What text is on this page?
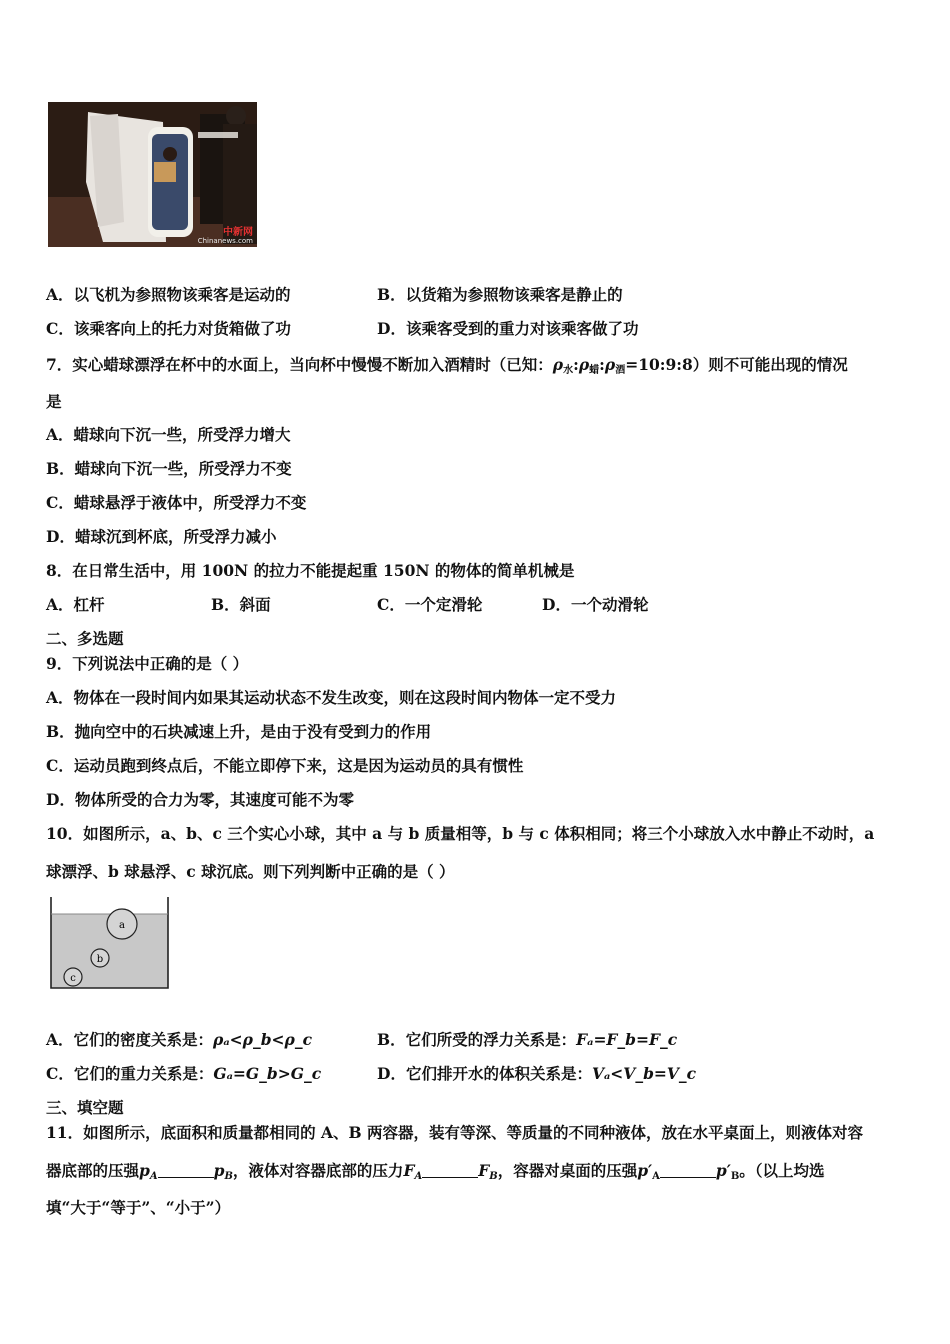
中新网
Chinanews.com
A．以飞机为参照物该乘客是运动的	B．以货箱为参照物该乘客是静止的
C．该乘客向上的托力对货箱做了功	D．该乘客受到的重力对该乘客做了功
7．实心蜡球漂浮在杯中的水面上，当向杯中慢慢不断加入酒精时（已知：$\rho_水:\rho_蜡:\rho_酒=10:9:8$）则不可能出现的情况
是
A．蜡球向下沉一些，所受浮力增大
B．蜡球向下沉一些，所受浮力不变
C．蜡球悬浮于液体中，所受浮力不变
D．蜡球沉到杯底，所受浮力减小
8．在日常生活中，用 100N 的拉力不能提起重 150N 的物体的简单机械是
A．杠杆	B．斜面	C．一个定滑轮	D．一个动滑轮
二、多选题
9．下列说法中正确的是（ ）
A．物体在一段时间内如果其运动状态不发生改变，则在这段时间内物体一定不受力
B．抛向空中的石块减速上升，是由于没有受到力的作用
C．运动员跑到终点后，不能立即停下来，这是因为运动员的具有惯性
D．物体所受的合力为零，其速度可能不为零
10．如图所示，a、b、c 三个实心小球，其中 a 与 b 质量相等，b 与 c 体积相同；将三个小球放入水中静止不动时，a
球漂浮、b 球悬浮、c 球沉底。则下列判断中正确的是（ ）
a
b
c
A．它们的密度关系是：ρₐ<ρ_b<ρ_c	B．它们所受的浮力关系是：Fₐ=F_b=F_c
C．它们的重力关系是：Gₐ=G_b>G_c	D．它们排开水的体积关系是：Vₐ<V_b=V_c
三、填空题
11．如图所示，底面积和质量都相同的 A、B 两容器，装有等深、等质量的不同种液体，放在水平桌面上，则液体对容
器底部的压强$p_A$	$p_B$，液体对容器底部的压力$F_A$	$F_B$，容器对桌面的压强$p'_A$	$p'_B$。（以上均选
填“大于“等于”、“小于”）
